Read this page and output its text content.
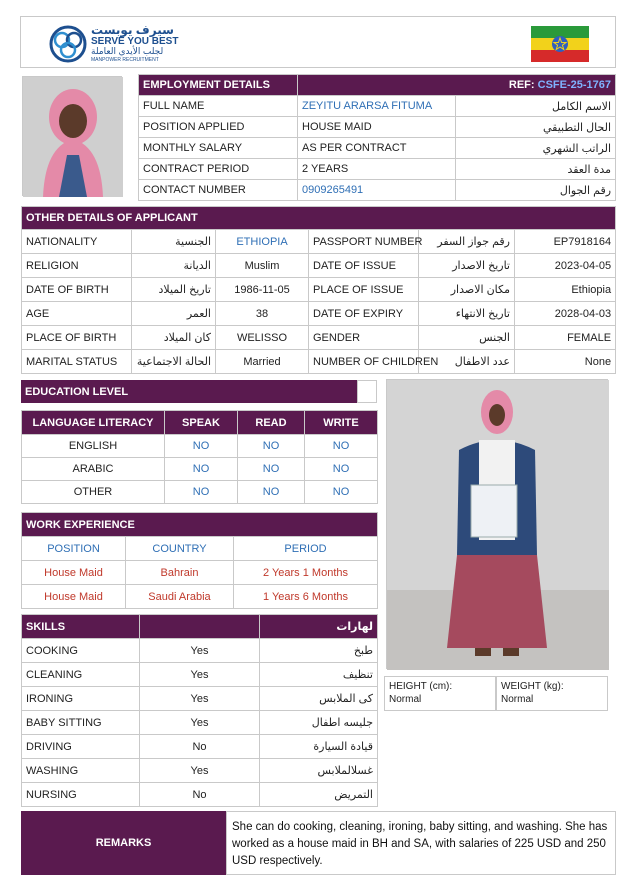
سيرف يوبست
SERVE YOU BEST
لجلب الأيدي العاملة
MANPOWER RECRUITMENT
EMPLOYMENT DETAILS	REF: CSFE-25-1767	
FULL NAME	ZEYITU ARARSA FITUMA	الاسم الكامل
POSITION APPLIED	HOUSE MAID	الحال التطبيقي
MONTHLY SALARY	AS PER CONTRACT	الراتب الشهري
CONTRACT PERIOD	2 YEARS	مدة العقد
CONTACT NUMBER	0909265491	رقم الجوال
OTHER DETAILS OF APPLICANT					
NATIONALITY	الجنسية	ETHIOPIA	PASSPORT NUMBER	رقم جواز السفر	EP7918164
RELIGION	الديانة	Muslim	DATE OF ISSUE	تاريخ الاصدار	2023-04-05
DATE OF BIRTH	تاريخ الميلاد	1986-11-05	PLACE OF ISSUE	مكان الاصدار	Ethiopia
AGE	العمر	38	DATE OF EXPIRY	تاريخ الانتهاء	2028-04-03
PLACE OF BIRTH	كان الميلاد	WELISSO	GENDER	الجنس	FEMALE
MARITAL STATUS	الحالة الاجتماعية	Married	NUMBER OF CHILDREN	عدد الاطفال	None
EDUCATION LEVEL
LANGUAGE LITERACY	SPEAK	READ	WRITE
ENGLISH	NO	NO	NO
ARABIC	NO	NO	NO
OTHER	NO	NO	NO
WORK EXPERIENCE		
POSITION	COUNTRY	PERIOD
House Maid	Bahrain	2 Years 1 Months
House Maid	Saudi Arabia	1 Years 6 Months
SKILLS		لهارات
COOKING	Yes	طبخ
CLEANING	Yes	تنظيف
IRONING	Yes	كى الملابس
BABY SITTING	Yes	جليسه اطفال
DRIVING	No	قيادة السيارة
WASHING	Yes	غسلالملابس
NURSING	No	التمريض
HEIGHT (cm):
Normal
WEIGHT (kg):
Normal
REMARKS
She can do cooking, cleaning, ironing, baby sitting, and washing. She has worked as a house maid in BH and SA, with salaries of 225 USD and 250 USD respectively.
